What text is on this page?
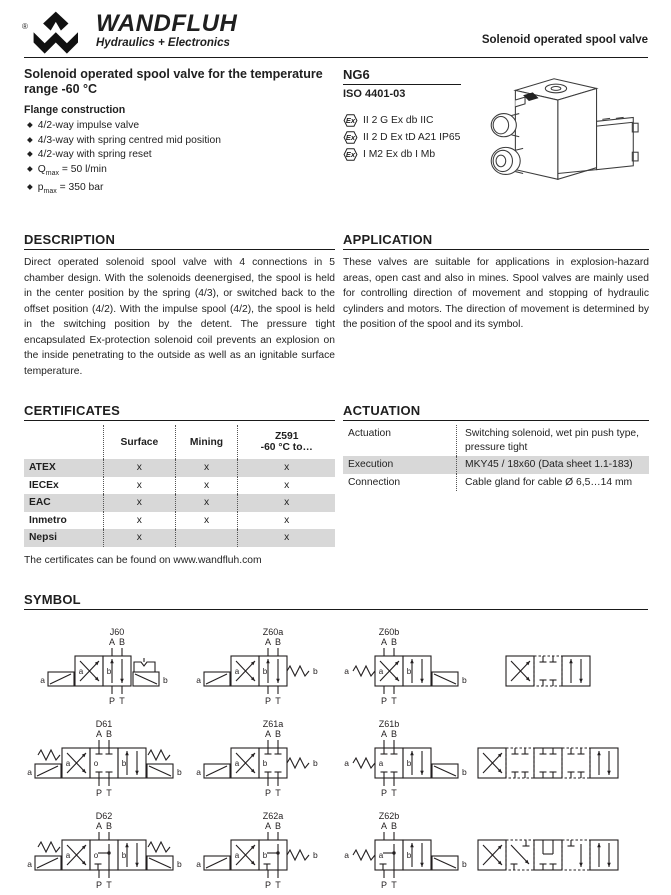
®	WANDFLUH
Hydraulics + Electronics	Solenoid operated spool valve

Solenoid operated spool valve for the temperature range -60 °C

Flange construction
◆ 4/2-way impulse valve
◆ 4/3-way with spring centred mid position
◆ 4/2-way with spring reset
◆ $Q_{max} = 50$ l/min
◆ $p_{max} = 350$ bar
NG6
ISO 4401-03
Ex II 2 G Ex db IIC
Ex II 2 D Ex tD A21 IP65
Ex I M2 Ex db I Mb
DESCRIPTION

Direct operated solenoid spool valve with 4 connections in 5 chamber design. With the solenoids deenergised, the spool is held in the center position by the spring (4/3), or switched back to the offset position (4/2). With the impulse spool (4/2), the spool is held in the switching position by the detent. The pressure tight encapsulated Ex-protection solenoid coil prevents an explosion on the inside penetrating to the outside as well as an ignitable surface temperature.

APPLICATION

These valves are suitable for applications in explosion-hazard areas, open cast and also in mines. Spool valves are mainly used for controlling direction of movement and stopping of hydraulic cylinders and motors. The direction of movement is determined by the position of the spool and its symbol.

CERTIFICATES

	Surface	Mining	Z591
-60 °C to…

ATEX	x	x	x
IECEx	x	x	x
EAC	x	x	x
Inmetro	x	x	x
Nepsi	x		x
The certificates can be found on www.wandfluh.com
ACTUATION
Actuation	Switching solenoid, wet pin push type, pressure tight
Execution	MKY45 / 18x60 (Data sheet 1.1-183)
Connection	Cable gland for cable Ø 6,5…14 mm
SYMBOL
J60
a	b
A B
P T
a	b
Z60a
a	b
A B
P T
a
b
Z60b
a
A B
P T
b
a
b
D61
a	o
A B
P T
b
a	b
Z61a
a	b
A B
P T
a
b
Z61b
a
A B
P T
b
a
b
D62
a	o
A B
P T
b
a	b
Z62a
a	b
A B
P T
a
b
Z62b
a
A B
P T
b
a
b
